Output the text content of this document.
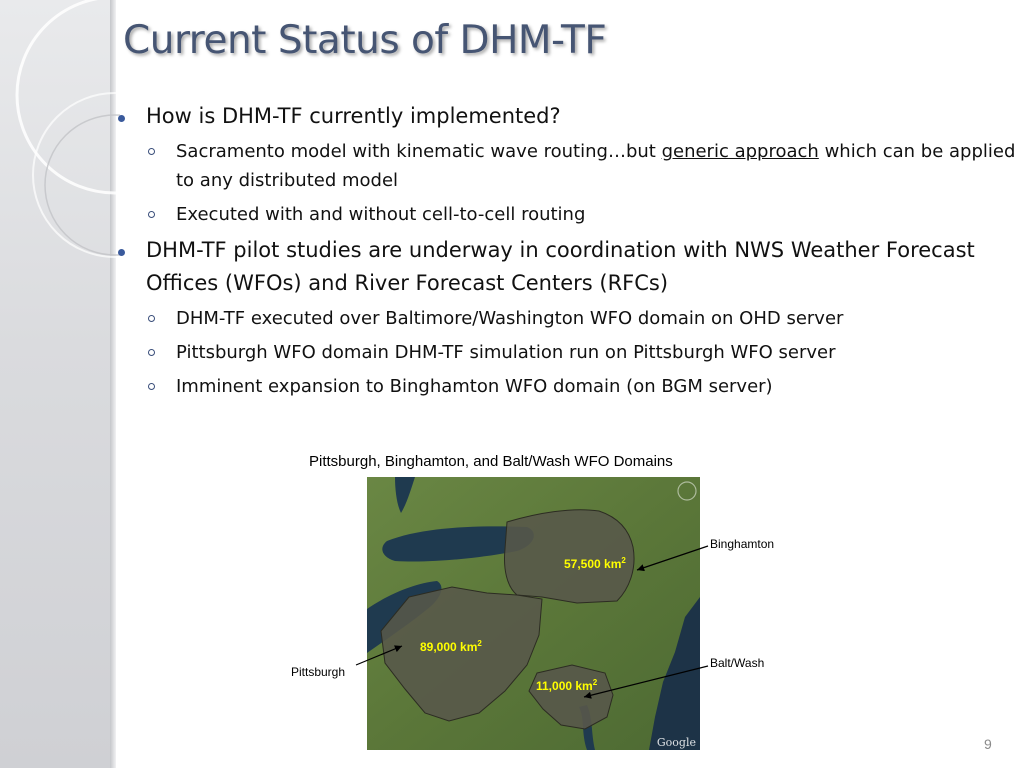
Current Status of DHM-TF
How is DHM-TF currently implemented?
Sacramento model with kinematic wave routing…but generic approach which can be applied to any distributed model
Executed with and without cell-to-cell routing
DHM-TF pilot studies are underway in coordination with NWS Weather Forecast Offices (WFOs) and River Forecast Centers (RFCs)
DHM-TF executed over Baltimore/Washington WFO domain on OHD server
Pittsburgh WFO domain DHM-TF simulation run on Pittsburgh WFO server
Imminent expansion to Binghamton WFO domain (on BGM server)
Pittsburgh, Binghamton, and Balt/Wash WFO Domains
57,500 $km^2$
89,000 $km^2$
11,000 $km^2$
Google
Binghamton
Pittsburgh
Balt/Wash
9
